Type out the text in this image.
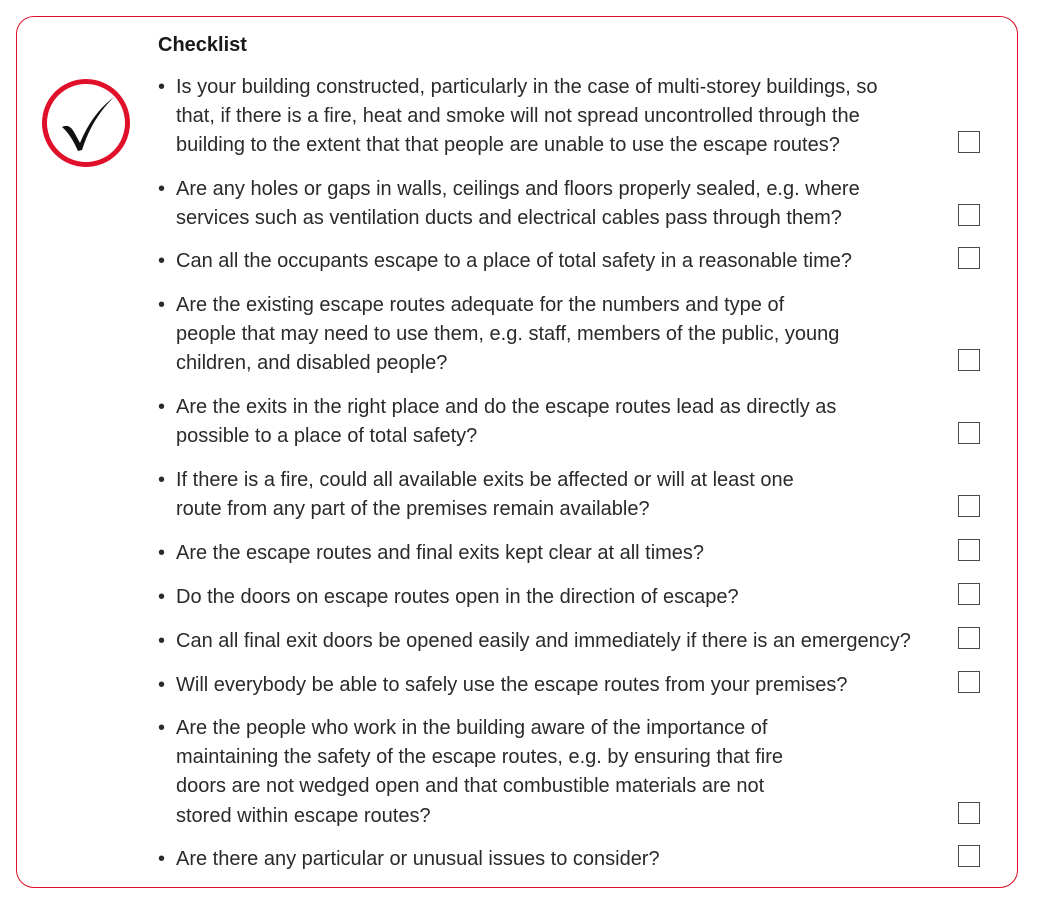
Checklist
• Is your building constructed, particularly in the case of multi-storey buildings, so
that, if there is a fire, heat and smoke will not spread uncontrolled through the
building to the extent that that people are unable to use the escape routes?
• Are any holes or gaps in walls, ceilings and floors properly sealed, e.g. where
services such as ventilation ducts and electrical cables pass through them?
• Can all the occupants escape to a place of total safety in a reasonable time?
• Are the existing escape routes adequate for the numbers and type of
people that may need to use them, e.g. staff, members of the public, young
children, and disabled people?
• Are the exits in the right place and do the escape routes lead as directly as
possible to a place of total safety?
• If there is a fire, could all available exits be affected or will at least one
route from any part of the premises remain available?
• Are the escape routes and final exits kept clear at all times?
• Do the doors on escape routes open in the direction of escape?
• Can all final exit doors be opened easily and immediately if there is an emergency?
• Will everybody be able to safely use the escape routes from your premises?
• Are the people who work in the building aware of the importance of
maintaining the safety of the escape routes, e.g. by ensuring that fire
doors are not wedged open and that combustible materials are not
stored within escape routes?
• Are there any particular or unusual issues to consider?
